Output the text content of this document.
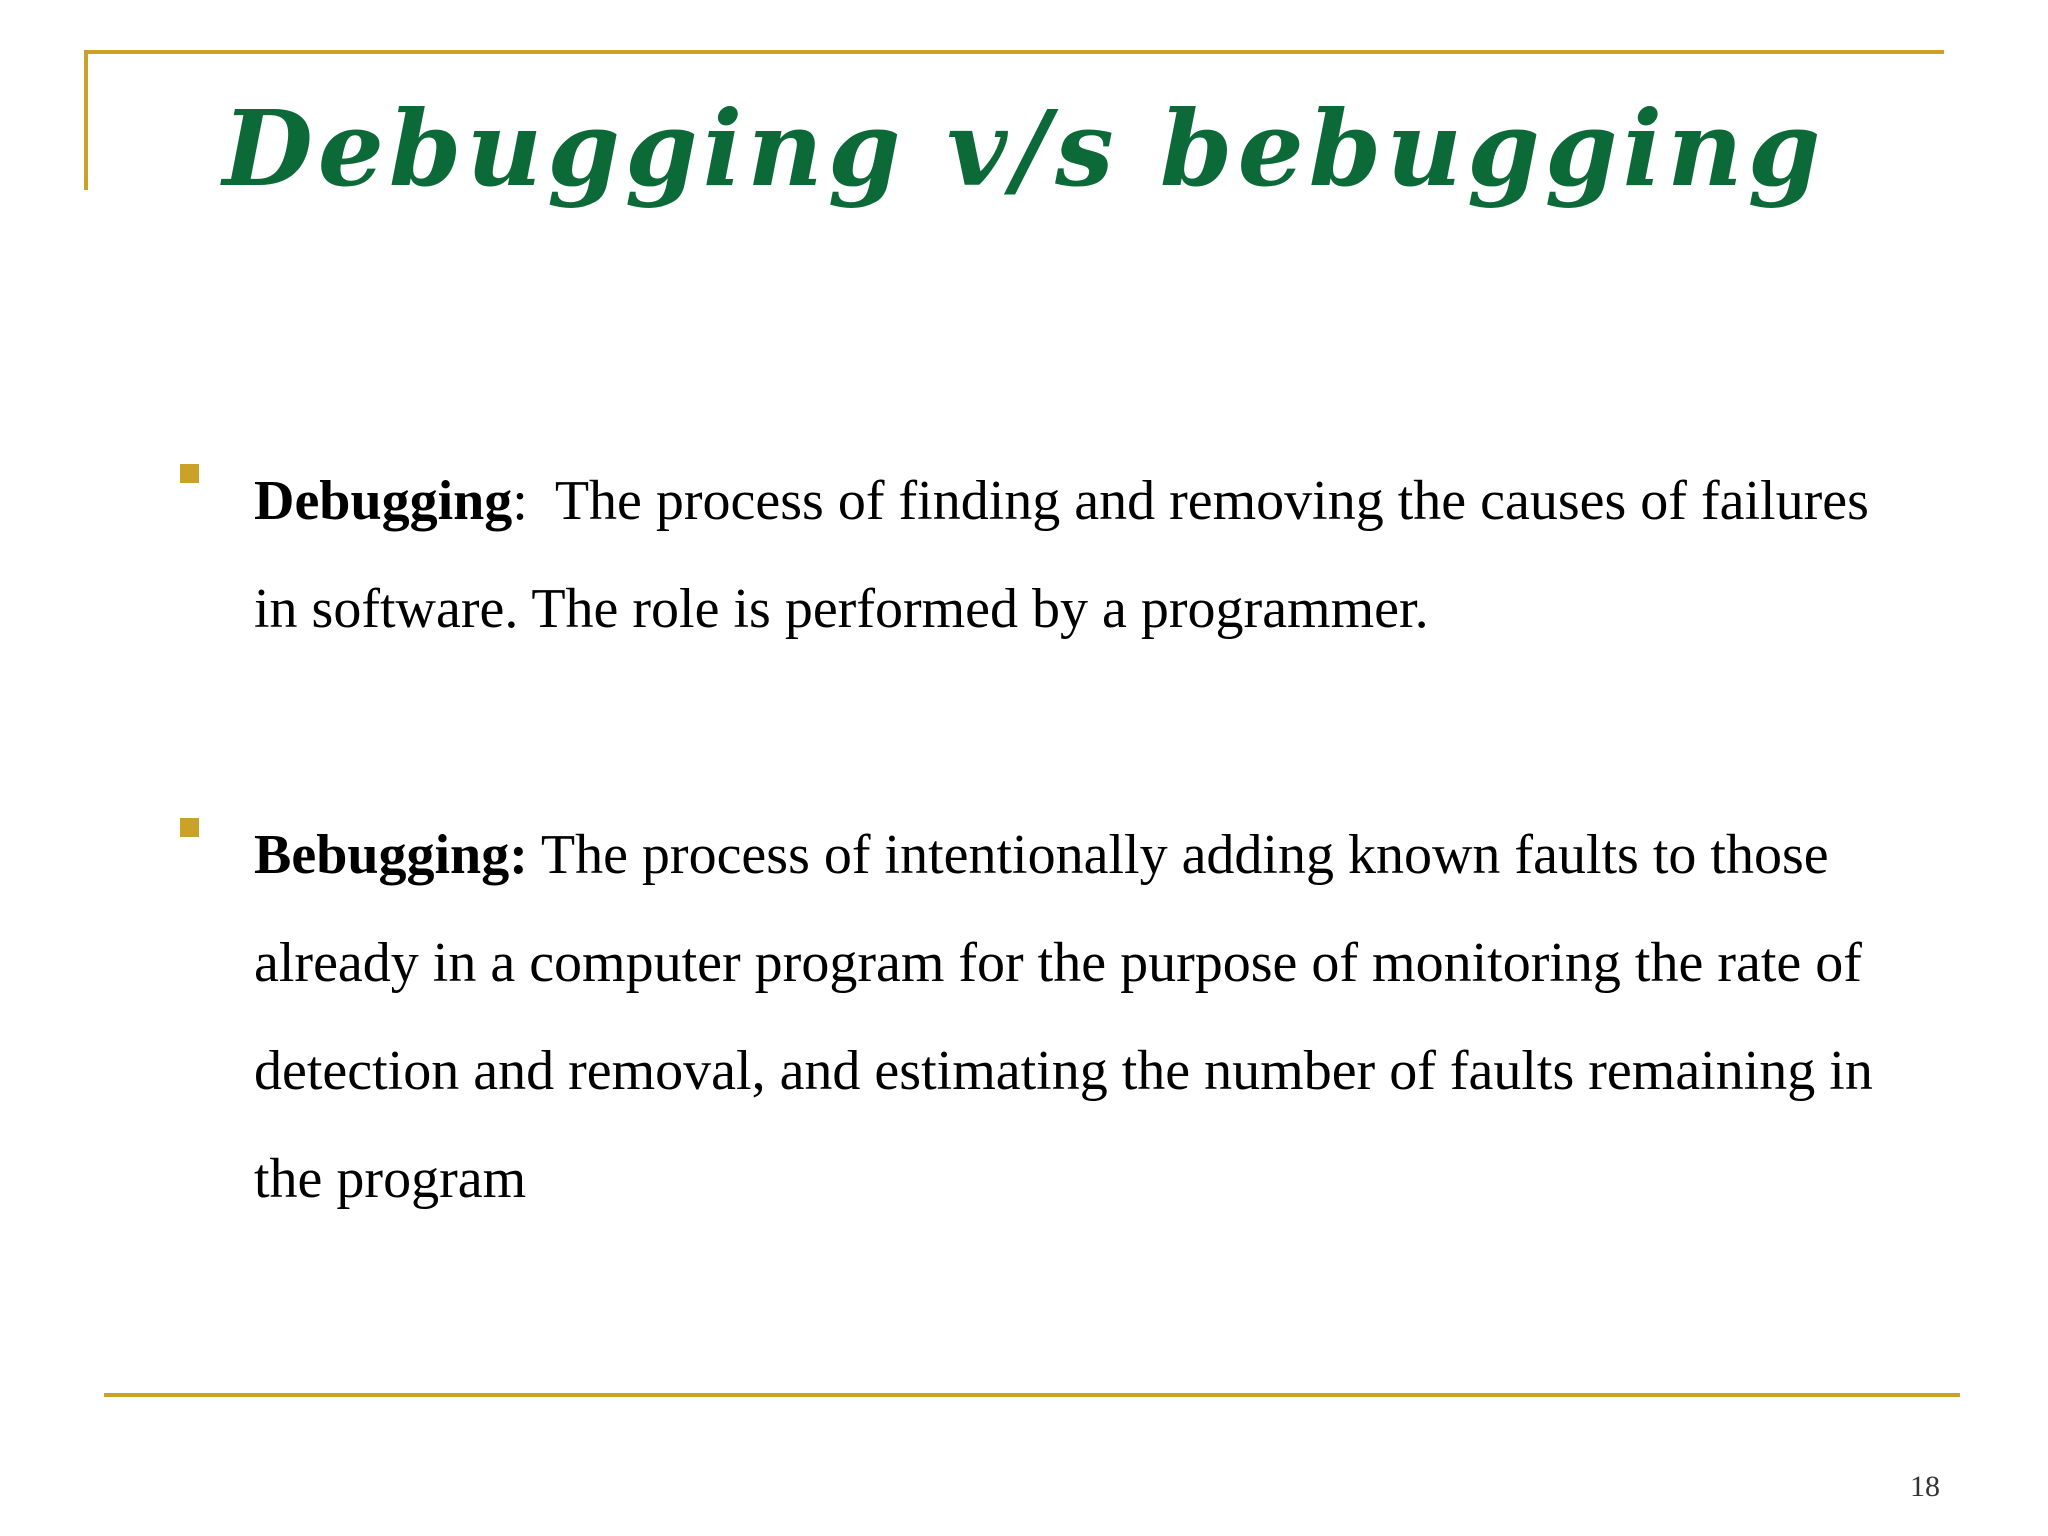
Debugging v/s bebugging

Debugging:  The process of finding and removing the causes of failures in software. The role is performed by a programmer.

Bebugging: The process of intentionally adding known faults to those already in a computer program for the purpose of monitoring the rate of detection and removal, and estimating the number of faults remaining in the program

18
